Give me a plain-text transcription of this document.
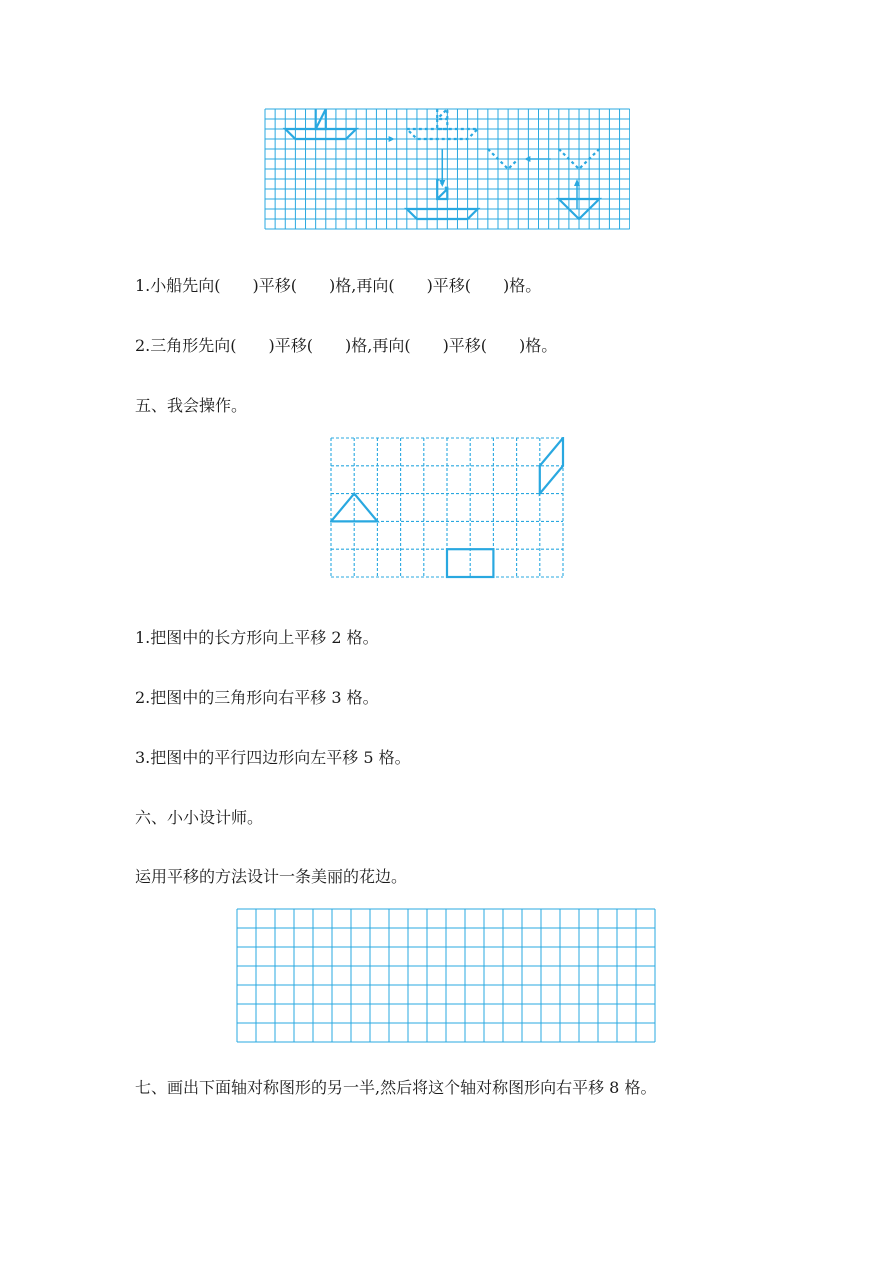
1.小船先向(　　)平移(　　)格,再向(　　)平移(　　)格。
2.三角形先向(　　)平移(　　)格,再向(　　)平移(　　)格。
五、我会操作。
1.把图中的长方形向上平移 2 格。
2.把图中的三角形向右平移 3 格。
3.把图中的平行四边形向左平移 5 格。
六、小小设计师。
运用平移的方法设计一条美丽的花边。
七、画出下面轴对称图形的另一半,然后将这个轴对称图形向右平移 8 格。
